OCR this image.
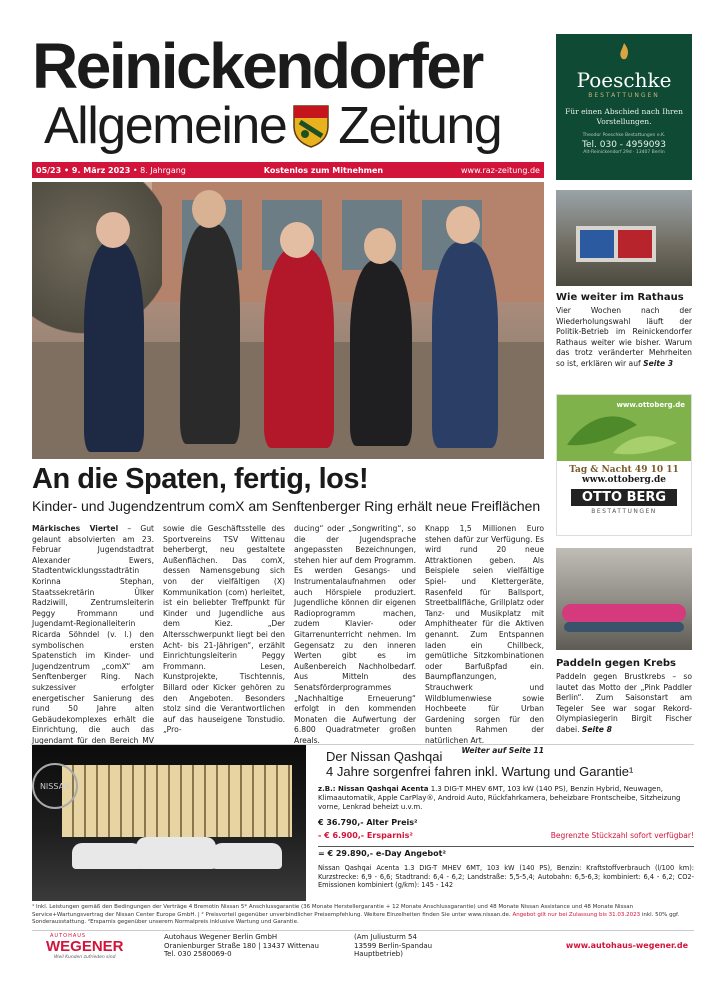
Reinickendorfer
Allgemeine Zeitung
Poeschke
BESTATTUNGEN
Für einen Abschied nach Ihren Vorstellungen.
Theodor Poeschke Bestattungen e.K.
Tel. 030 - 4959093
Alt-Reinickendorf 29d · 13407 Berlin
05/23 • 9. März 2023 • 8. Jahrgang	Kostenlos zum Mitnehmen	www.raz-zeitung.de
An die Spaten, fertig, los!
Kinder- und Jugendzentrum comX am Senftenberger Ring erhält neue Freiflächen
Märkisches Viertel – Gut gelaunt absolvierten am 23. Februar Jugendstadtrat Alexander Ewers, Stadtentwicklungsstadträtin Korinna Stephan, Staatssekretärin Ülker Radziwill, Zentrumsleiterin Peggy Frommann und Jugendamt-Regionalleiterin Ricarda Söhndel (v. l.) den symbolischen ersten Spatenstich im Kinder- und Jugendzentrum „comX“ am Senftenberger Ring. Nach sukzessiver erfolgter energetischer Sanierung des rund 50 Jahre alten Gebäudekomplexes erhält die Einrichtung, die auch das Jugendamt für den Bereich MV
sowie die Geschäftsstelle des Sportvereins TSV Wittenau beherbergt, neu gestaltete Außenflächen. Das comX, dessen Namensgebung sich von der vielfältigen (X) Kommunikation (com) herleitet, ist ein beliebter Treffpunkt für Kinder und Jugendliche aus dem Kiez. „Der Altersschwerpunkt liegt bei den Acht- bis 21-Jährigen“, erzählt Einrichtungsleiterin Peggy Frommann. Lesen, Kunstprojekte, Tischtennis, Billard oder Kicker gehören zu den Angeboten. Besonders stolz sind die Verantwortlichen auf das hauseigene Tonstudio. „Pro-
ducing“ oder „Songwriting“, so die der Jugendsprache angepassten Bezeichnungen, stehen hier auf dem Programm. Es werden Gesangs- und Instrumentalaufnahmen oder auch Hörspiele produziert. Jugendliche können dir eigenen Radioprogramm machen, zudem Klavier- oder Gitarrenunterricht nehmen. Im Gegensatz zu den inneren Werten gibt es im Außenbereich Nachholbedarf. Aus Mitteln des Senatsförderprogrammes „Nachhaltige Erneuerung“ erfolgt in den kommenden Monaten die Aufwertung der 6.800 Quadratmeter großen Areals.
Knapp 1,5 Millionen Euro stehen dafür zur Verfügung. Es wird rund 20 neue Attraktionen geben. Als Beispiele seien vielfältige Spiel- und Klettergeräte, Rasenfeld für Ballsport, Streetballfläche, Grillplatz oder Tanz- und Musikplatz mit Amphitheater für die Aktiven genannt. Zum Entspannen laden ein Chillbeck, gemütliche Sitzkombinationen oder Barfußpfad ein. Baumpflanzungen, Strauchwerk und Wildblumenwiese sowie Hochbeete für Urban Gardening sorgen für den bunten Rahmen der natürlichen Art.
Weiter auf Seite 11
Wie weiter im Rathaus
Vier Wochen nach der Wiederholungswahl läuft der Politik-Betrieb im Reinickendorfer Rathaus weiter wie bisher. Warum das trotz veränderter Mehrheiten so ist, erklären wir auf Seite 3
www.ottoberg.de
Tag & Nacht 49 10 11
www.ottoberg.de
OTTO BERG
BESTATTUNGEN
Paddeln gegen Krebs
Paddeln gegen Brustkrebs – so lautet das Motto der „Pink Paddler Berlin“. Zum Saisonstart am Tegeler See war sogar Rekord-Olympiasiegerin Birgit Fischer dabei. Seite 8
NISSAN
Der Nissan Qashqai
4 Jahre sorgenfrei fahren inkl. Wartung und Garantie¹
z.B.: Nissan Qashqai Acenta 1.3 DIG-T MHEV 6MT, 103 kW (140 PS), Benzin Hybrid, Neuwagen, Klimaautomatik, Apple CarPlay®, Android Auto, Rückfahrkamera, beheizbare Frontscheibe, Sitzheizung vorne, Lenkrad beheizt u.v.m.
€ 36.790,- Alter Preis²
- € 6.900,- Ersparnis²	Begrenzte Stückzahl sofort verfügbar!
= € 29.890,- e-Day Angebot²
Nissan Qashqai Acenta 1.3 DIG-T MHEV 6MT, 103 kW (140 PS), Benzin: Kraftstoffverbrauch (l/100 km): Kurzstrecke: 6,9 - 6,6; Stadtrand: 6,4 - 6,2; Landstraße: 5,5-5,4; Autobahn: 6,5-6,3; kombiniert: 6,4 - 6,2; CO2-Emissionen kombiniert (g/km): 145 - 142
¹ Inkl. Leistungen gemäß den Bedingungen der Verträge 4 Bremotin Nissan 5* Anschlussgarantie (36 Monate Herstellergarantie + 12 Monate Anschlussgarantie) und 48 Monate Nissan Assistance und 48 Monate Nissan Service+Wartungsvertrag der Nissan Center Europe GmbH. | ² Preisvorteil gegenüber unverbindlicher Preisempfehlung. Weitere Einzelheiten finden Sie unter www.nissan.de. Angebot gilt nur bei Zulassung bis 31.03.2023 inkl. 50% ggf. Sonderausstattung. ²Ersparnis gegenüber unserem Normalpreis inklusive Wartung und Garantie.
AUTOHAUS
WEGENER
Weil Kunden zufrieden sind
Autohaus Wegener Berlin GmbH
Oranienburger Straße 180 | 13437 Wittenau
Tel. 030 2580069-0
(Am Juliusturm 54
13599 Berlin-Spandau
Hauptbetrieb)
www.autohaus-wegener.de
